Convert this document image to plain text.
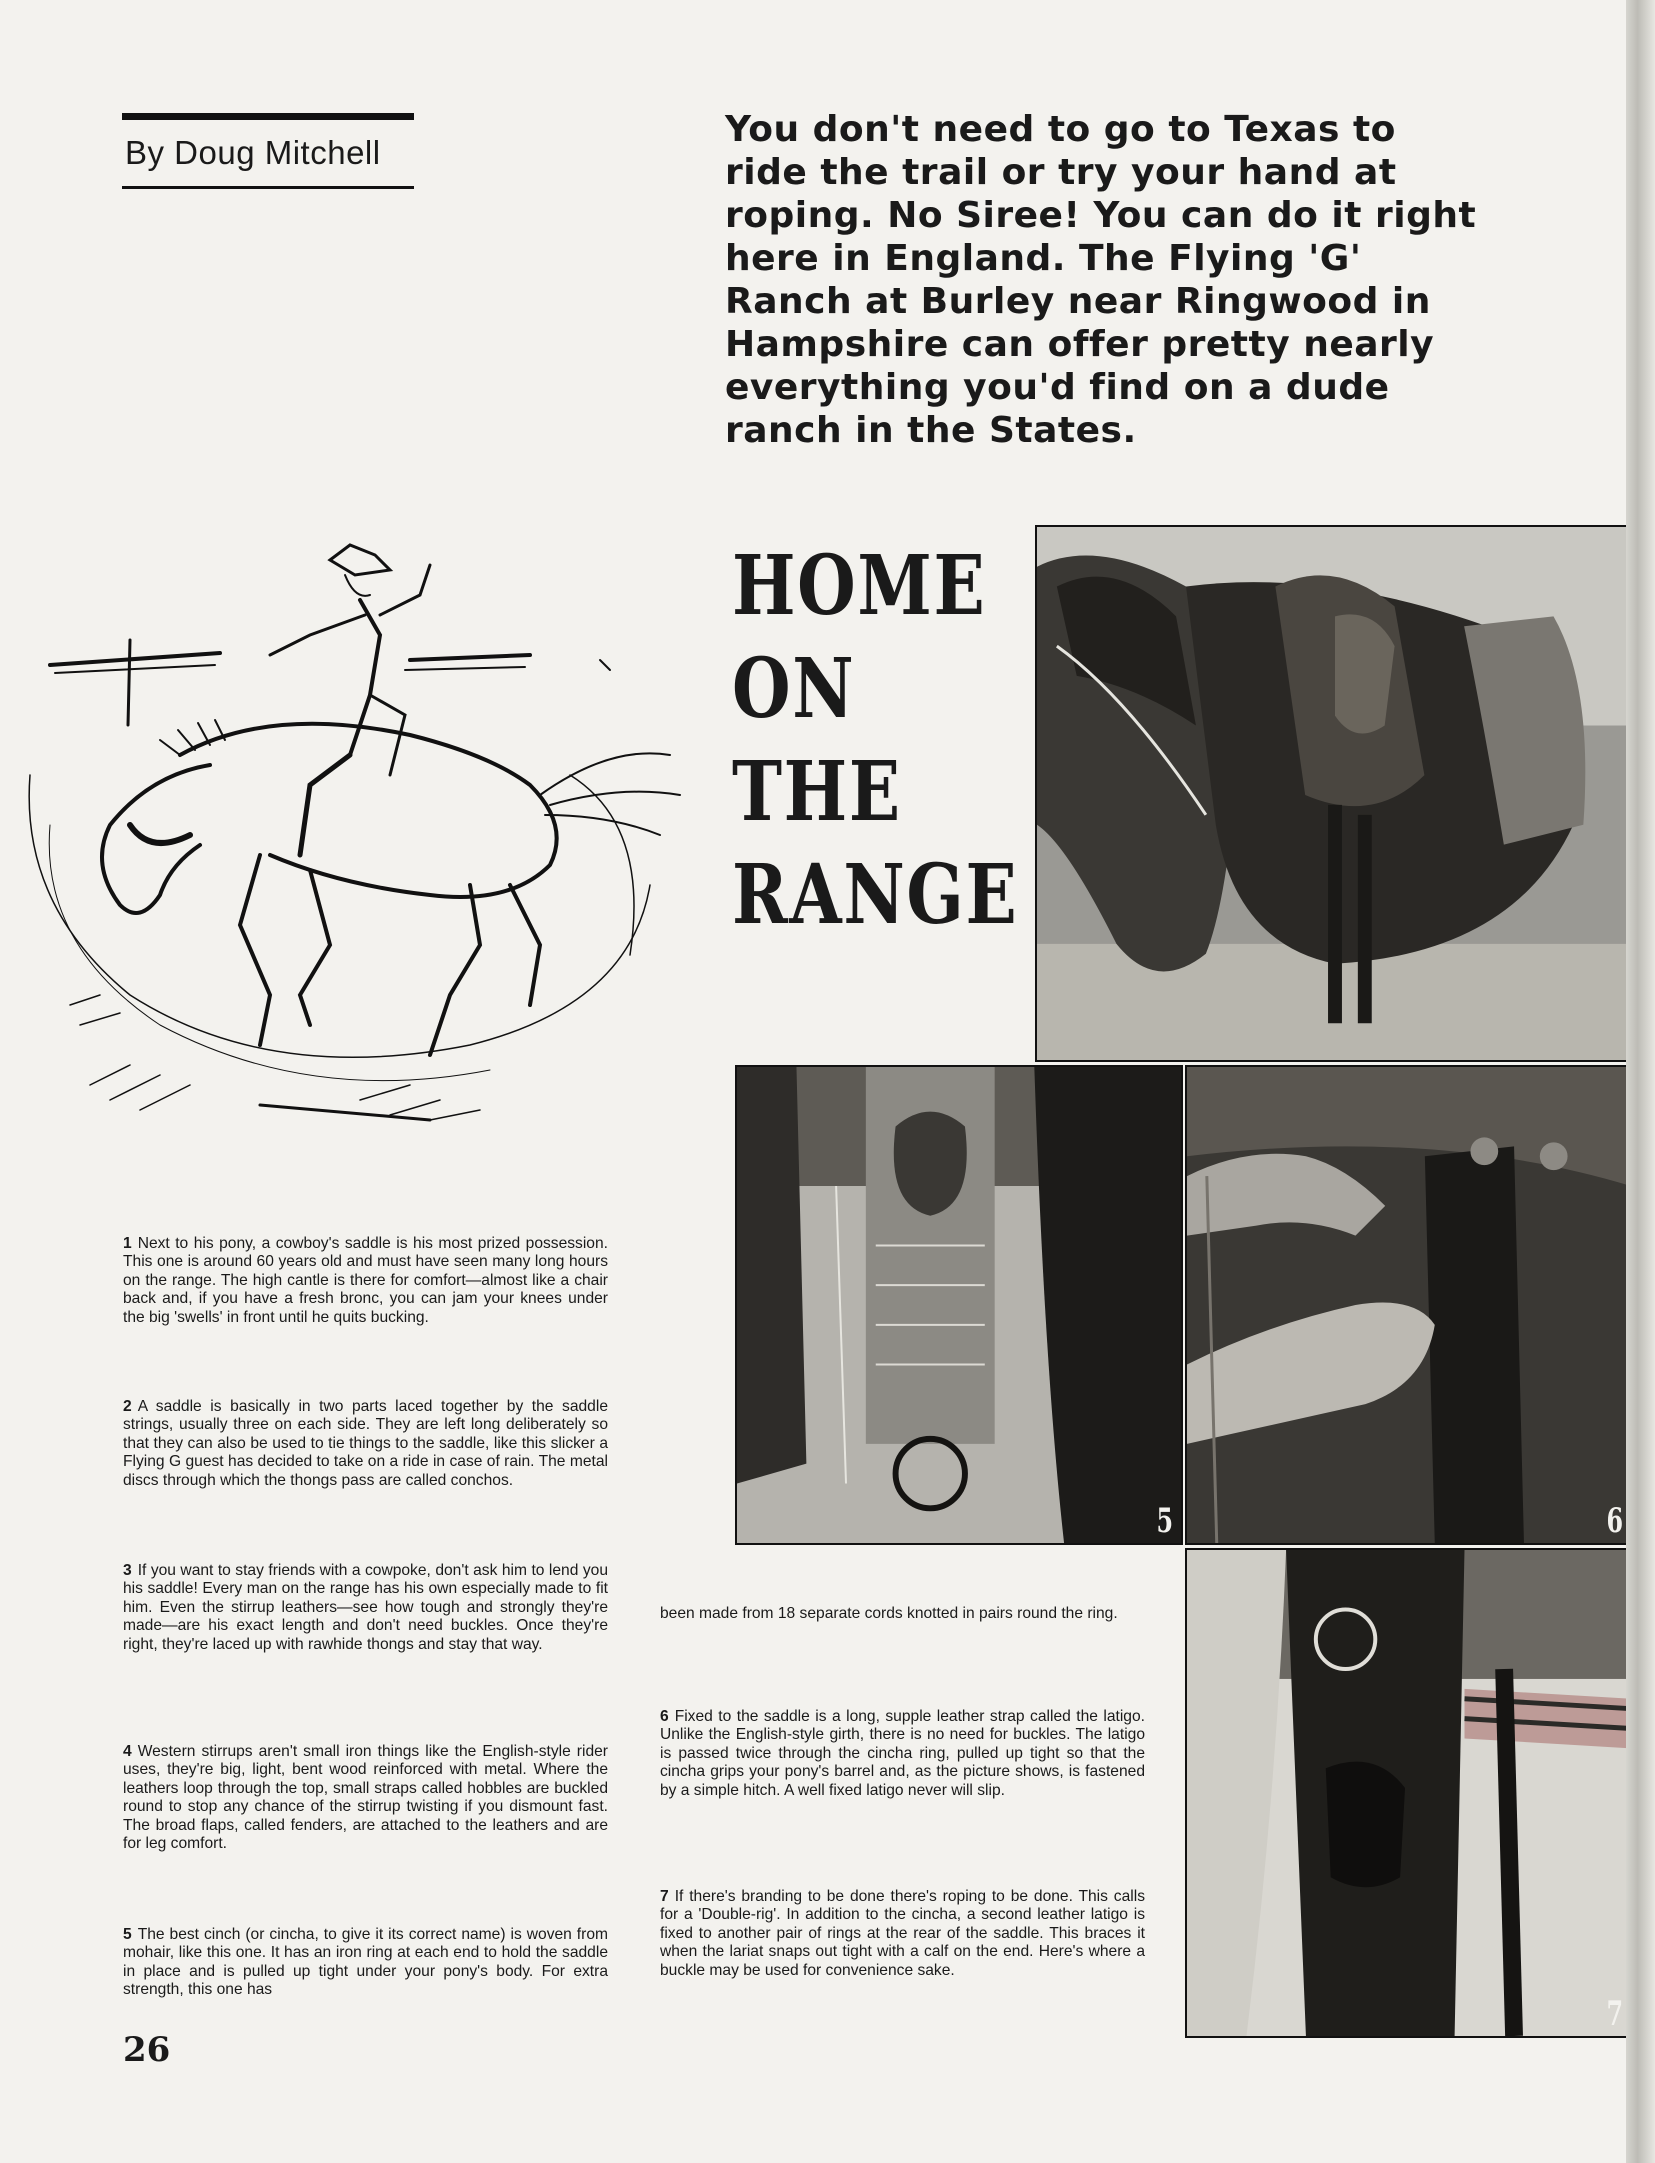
By Doug Mitchell
You don't need to go to Texas to ride the trail or try your hand at roping. No Siree! You can do it right here in England. The Flying 'G' Ranch at Burley near Ringwood in Hampshire can offer pretty nearly everything you'd find on a dude ranch in the States.
HOME
ON
THE
RANGE
5	6
7

1 Next to his pony, a cowboy's saddle is his most prized possession. This one is around 60 years old and must have seen many long hours on the range. The high cantle is there for comfort—almost like a chair back and, if you have a fresh bronc, you can jam your knees under the big 'swells' in front until he quits bucking.

2 A saddle is basically in two parts laced together by the saddle strings, usually three on each side. They are left long deliberately so that they can also be used to tie things to the saddle, like this slicker a Flying G guest has decided to take on a ride in case of rain. The metal discs through which the thongs pass are called conchos.

3 If you want to stay friends with a cowpoke, don't ask him to lend you his saddle! Every man on the range has his own especially made to fit him. Even the stirrup leathers—see how tough and strongly they're made—are his exact length and don't need buckles. Once they're right, they're laced up with rawhide thongs and stay that way.

4 Western stirrups aren't small iron things like the English-style rider uses, they're big, light, bent wood reinforced with metal. Where the leathers loop through the top, small straps called hobbles are buckled round to stop any chance of the stirrup twisting if you dismount fast. The broad flaps, called fenders, are attached to the leathers and are for leg comfort.

5 The best cinch (or cincha, to give it its correct name) is woven from mohair, like this one. It has an iron ring at each end to hold the saddle in place and is pulled up tight under your pony's body. For extra strength, this one has

been made from 18 separate cords knotted in pairs round the ring.

6 Fixed to the saddle is a long, supple leather strap called the latigo. Unlike the English-style girth, there is no need for buckles. The latigo is passed twice through the cincha ring, pulled up tight so that the cincha grips your pony's barrel and, as the picture shows, is fastened by a simple hitch. A well fixed latigo never will slip.

7 If there's branding to be done there's roping to be done. This calls for a 'Double-rig'. In addition to the cincha, a second leather latigo is fixed to another pair of rings at the rear of the saddle. This braces it when the lariat snaps out tight with a calf on the end. Here's where a buckle may be used for convenience sake.

26
